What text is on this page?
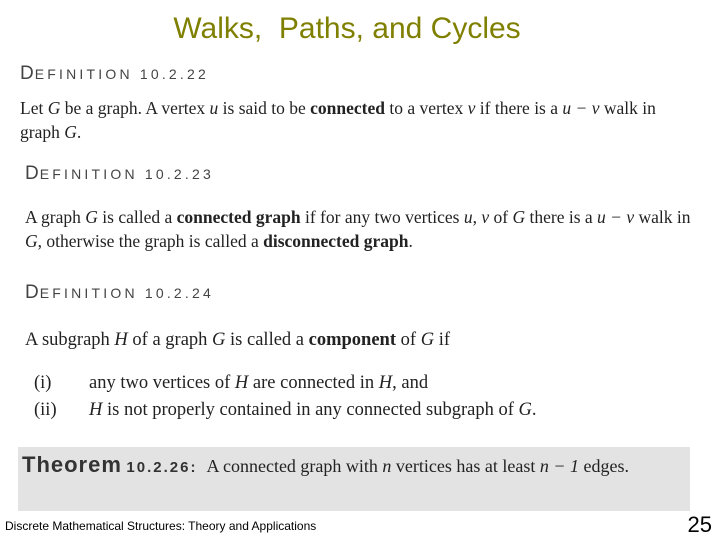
Walks,  Paths, and Cycles
DEFINITION 10.2.22
Let G be a graph. A vertex u is said to be connected to a vertex v if there is a u − v walk in graph G.
DEFINITION 10.2.23
A graph G is called a connected graph if for any two vertices u, v of G there is a u − v walk in G, otherwise the graph is called a disconnected graph.
DEFINITION 10.2.24
A subgraph H of a graph G is called a component of G if
(i) any two vertices of H are connected in H, and
(ii) H is not properly contained in any connected subgraph of G.
Theorem 10.2.26: A connected graph with n vertices has at least n − 1 edges.
Discrete Mathematical Structures: Theory and Applications	25
